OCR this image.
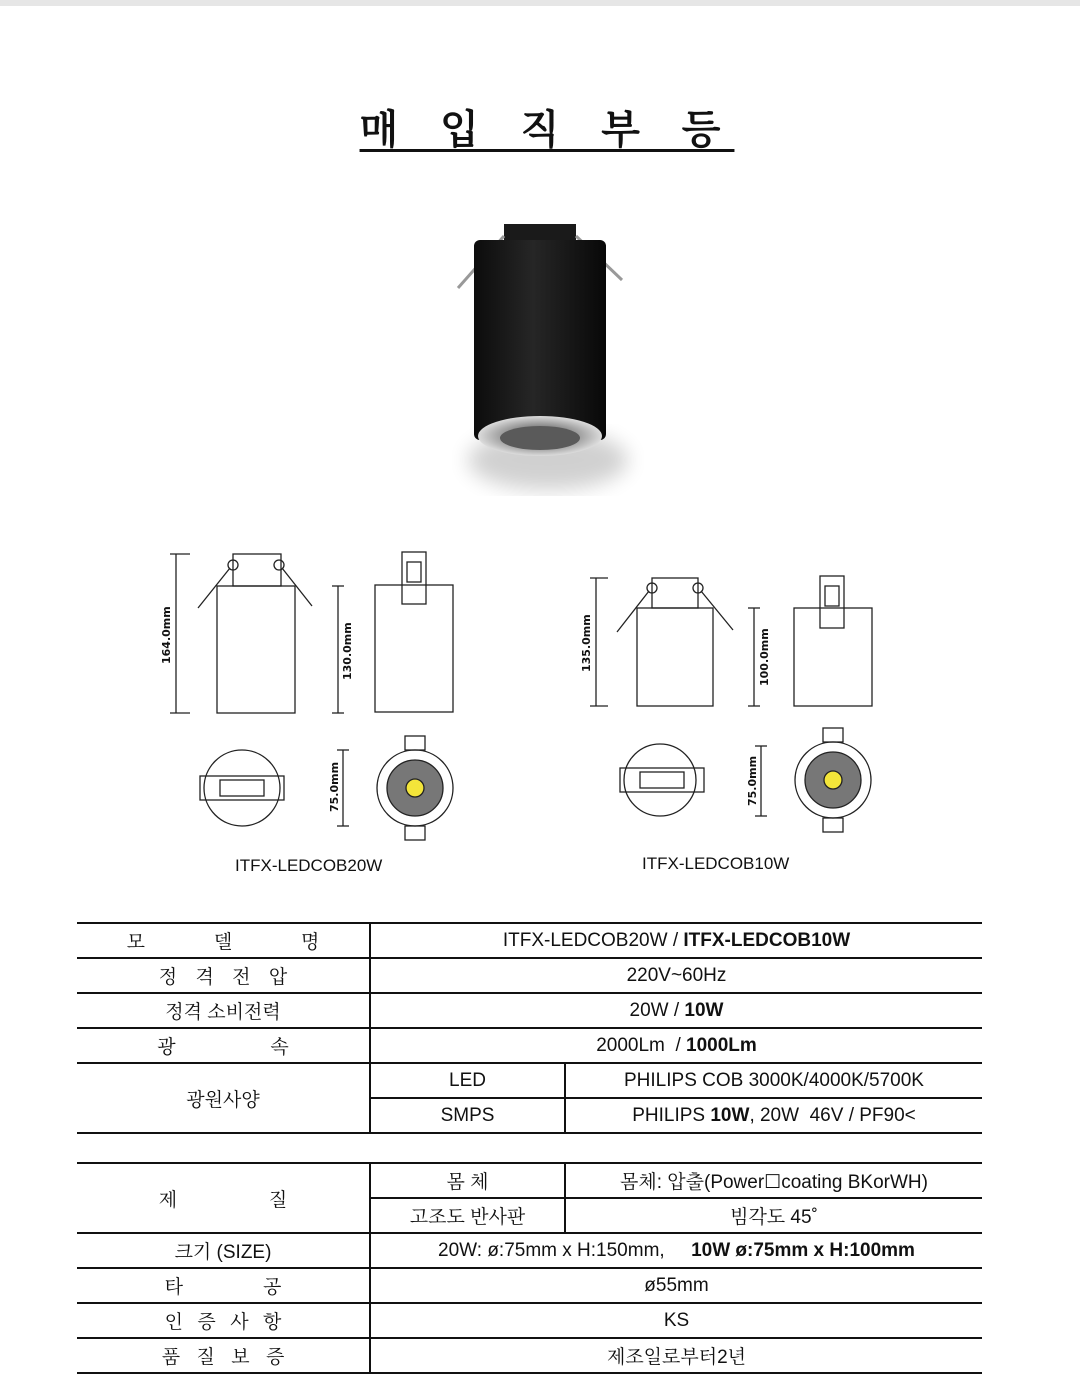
매 입 직 부 등
164.0mm	130.0mm
75.0mm
135.0mm	100.0mm
75.0mm
ITFX-LEDCOB20W	ITFX-LEDCOB10W
모 델 명	ITFX-LEDCOB20W / ITFX-LEDCOB10W	

정 격 전 압	220V~60Hz	
정격 소비전력	20W / 10W	

광 속	2000Lm  / 1000Lm	
광원사양	LED	PHILIPS COB 3000K/4000K/5700K
	SMPS	PHILIPS 10W, 20W  46V / PF90<
제 질	몸 체	몸체: 압출(Power☐coating BKorWH)
	고조도 반사판	빔각도 45˚
크기 (SIZE)	20W: ø:75mm x H:150mm,     10W ø:75mm x H:100mm	

타 공	ø55mm	

인 증 사 항	KS	

품 질 보 증	제조일로부터2년	
